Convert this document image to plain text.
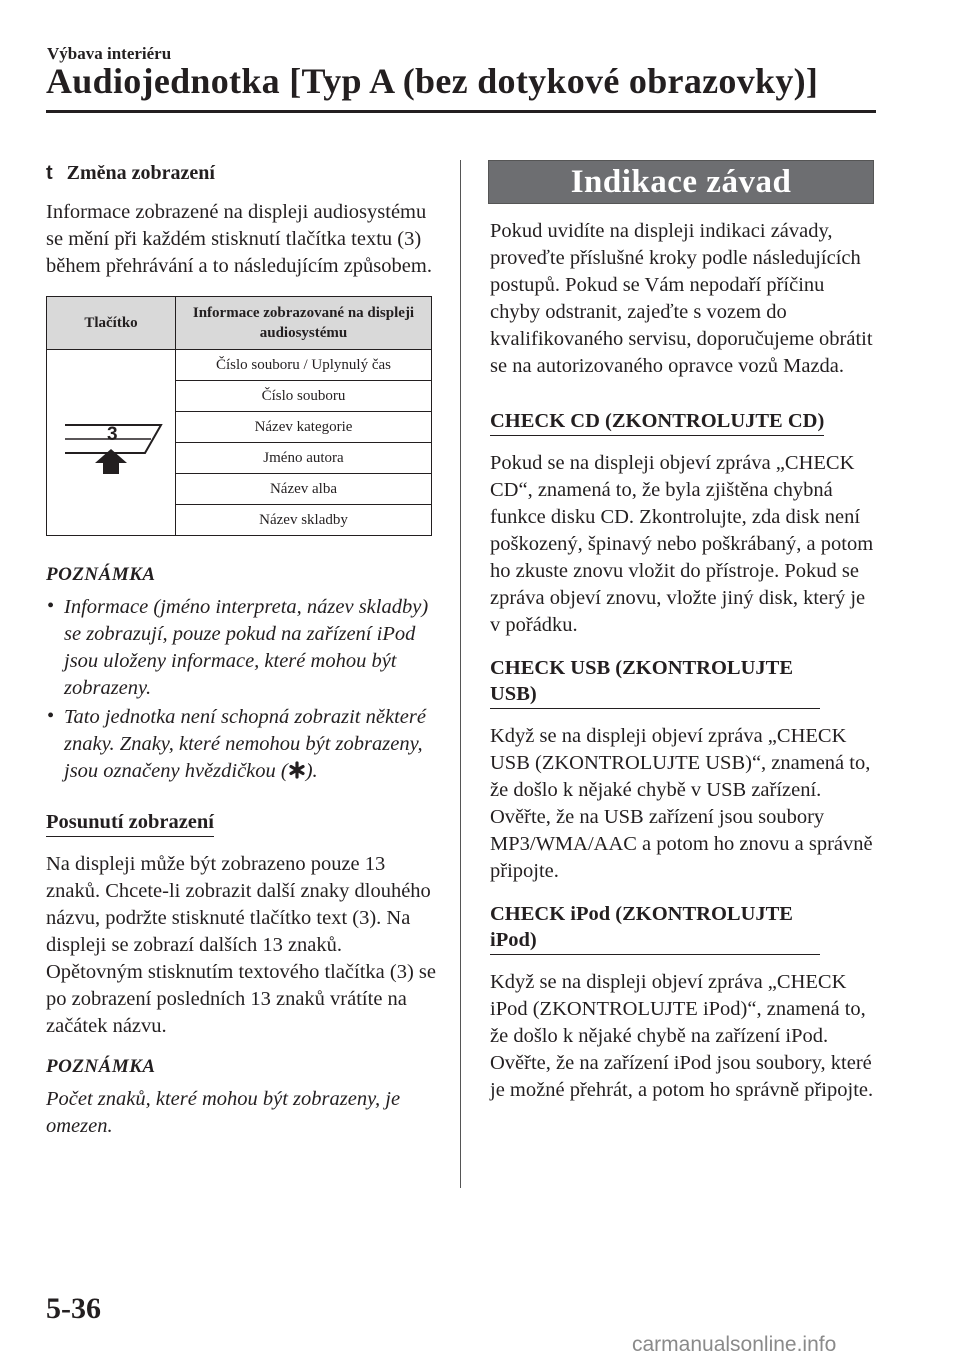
Výbava interiéru
Audiojednotka [Typ A (bez dotykové obrazovky)]
t Změna zobrazení

Informace zobrazené na displeji audiosystému se mění při každém stisknutí tlačítka textu (3) během přehrávání a to následujícím způsobem.

Tlačítko	Informace zobrazované na displeji audiosystému

3	Číslo souboru / Uplynulý čas
	Číslo souboru
	Název kategorie
	Jméno autora
	Název alba
	Název skladby
POZNÁMKA
• Informace (jméno interpreta, název skladby) se zobrazují, pouze pokud na zařízení iPod jsou uloženy informace, které mohou být zobrazeny.
• Tato jednotka není schopná zobrazit některé znaky. Znaky, které nemohou být zobrazeny, jsou označeny hvězdičkou ( ).
Posunutí zobrazení

Na displeji může být zobrazeno pouze 13 znaků. Chcete-li zobrazit další znaky dlouhého názvu, podržte stisknuté tlačítko text (3). Na displeji se zobrazí dalších 13 znaků. Opětovným stisknutím textového tlačítka (3) se po zobrazení posledních 13 znaků vrátíte na začátek názvu.

POZNÁMKA

Počet znaků, které mohou být zobrazeny, je omezen.

Indikace závad

Pokud uvidíte na displeji indikaci závady, proveďte příslušné kroky podle následujících postupů. Pokud se Vám nepodaří příčinu chyby odstranit, zajeďte s vozem do kvalifikovaného servisu, doporučujeme obrátit se na autorizovaného opravce vozů Mazda.

CHECK CD (ZKONTROLUJTE CD)

Pokud se na displeji objeví zpráva „CHECK CD“, znamená to, že byla zjištěna chybná funkce disku CD. Zkontrolujte, zda disk není poškozený, špinavý nebo poškrábaný, a potom ho zkuste znovu vložit do přístroje. Pokud se zpráva objeví znovu, vložte jiný disk, který je v pořádku.

CHECK USB (ZKONTROLUJTE USB)

Když se na displeji objeví zpráva „CHECK USB (ZKONTROLUJTE USB)“, znamená to, že došlo k nějaké chybě v USB zařízení. Ověřte, že na USB zařízení jsou soubory MP3/WMA/AAC a potom ho znovu a správně připojte.

CHECK iPod (ZKONTROLUJTE iPod)

Když se na displeji objeví zpráva „CHECK iPod (ZKONTROLUJTE iPod)“, znamená to, že došlo k nějaké chybě na zařízení iPod. Ověřte, že na zařízení iPod jsou soubory, které je možné přehrát, a potom ho správně připojte.

5-36
carmanualsonline.info
